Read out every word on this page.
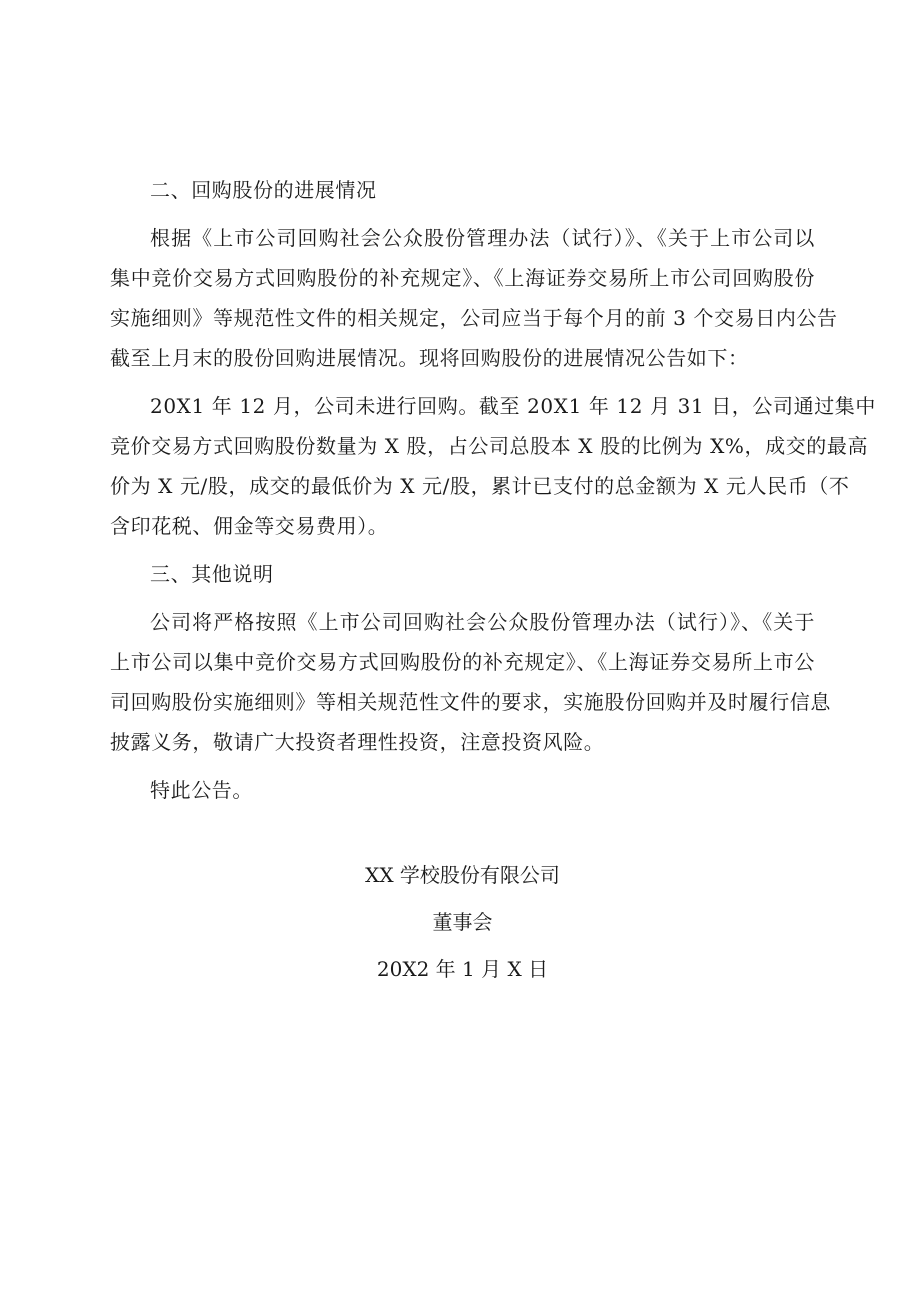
二、回购股份的进展情况

根据《上市公司回购社会公众股份管理办法（试行）》、《关于上市公司以

集中竞价交易方式回购股份的补充规定》、《上海证券交易所上市公司回购股份

实施细则》等规范性文件的相关规定，公司应当于每个月的前 3 个交易日内公告

截至上月末的股份回购进展情况。现将回购股份的进展情况公告如下：

20X1 年 12 月，公司未进行回购。截至 20X1 年 12 月 31 日，公司通过集中

竞价交易方式回购股份数量为 X 股，占公司总股本 X 股的比例为 X%，成交的最高

价为 X 元/股，成交的最低价为 X 元/股，累计已支付的总金额为 X 元人民币（不

含印花税、佣金等交易费用）。

三、其他说明

公司将严格按照《上市公司回购社会公众股份管理办法（试行）》、《关于

上市公司以集中竞价交易方式回购股份的补充规定》、《上海证券交易所上市公

司回购股份实施细则》等相关规范性文件的要求，实施股份回购并及时履行信息

披露义务，敬请广大投资者理性投资，注意投资风险。

特此公告。

XX 学校股份有限公司

董事会

20X2 年 1 月 X 日
